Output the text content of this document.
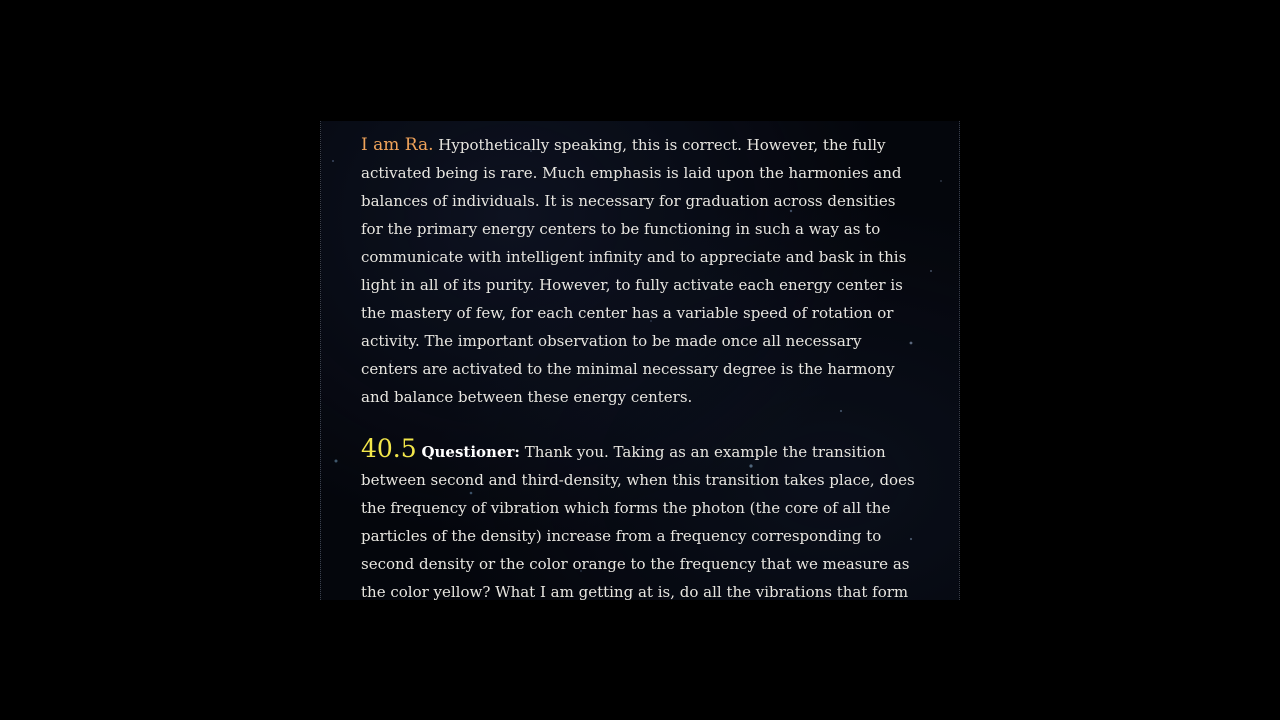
I am Ra. Hypothetically speaking, this is correct. However, the fully activated being is rare. Much emphasis is laid upon the harmonies and balances of individuals. It is necessary for graduation across densities for the primary energy centers to be functioning in such a way as to communicate with intelligent infinity and to appreciate and bask in this light in all of its purity. However, to fully activate each energy center is the mastery of few, for each center has a variable speed of rotation or activity. The important observation to be made once all necessary centers are activated to the minimal necessary degree is the harmony and balance between these energy centers.

40.5 Questioner: Thank you. Taking as an example the transition between second and third-density, when this transition takes place, does the frequency of vibration which forms the photon (the core of all the particles of the density) increase from a frequency corresponding to second density or the color orange to the frequency that we measure as the color yellow? What I am getting at is, do all the vibrations that form
